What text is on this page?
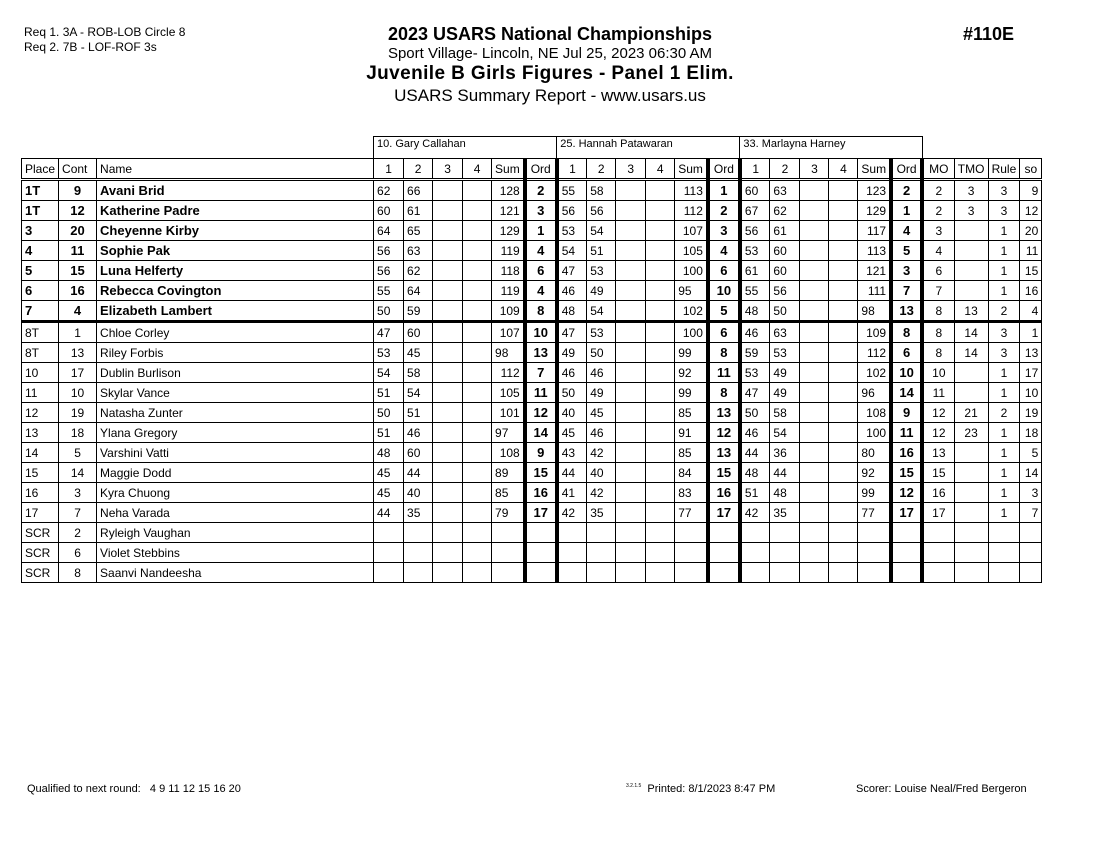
Req 1. 3A - ROB-LOB Circle 8
Req 2. 7B - LOF-ROF 3s
2023 USARS National Championships
Sport Village- Lincoln, NE Jul 25, 2023 06:30 AM
Juvenile B Girls Figures - Panel 1 Elim.
USARS Summary Report - www.usars.us
#110E
			10. Gary Callahan						25. Hannah Patawaran						33. Marlayna Harney									
Place	Cont	Name	1	2	3	4	Sum	Ord	1	2	3	4	Sum	Ord	1	2	3	4	Sum	Ord	MO	TMO	Rule	so
1T	9	Avani Brid	62	66			128	2	55	58			113	1	60	63			123	2	2	3	3	9
1T	12	Katherine Padre	60	61			121	3	56	56			112	2	67	62			129	1	2	3	3	12
3	20	Cheyenne Kirby	64	65			129	1	53	54			107	3	56	61			117	4	3		1	20
4	11	Sophie Pak	56	63			119	4	54	51			105	4	53	60			113	5	4		1	11
5	15	Luna Helferty	56	62			118	6	47	53			100	6	61	60			121	3	6		1	15
6	16	Rebecca Covington	55	64			119	4	46	49			95	10	55	56			111	7	7		1	16
7	4	Elizabeth Lambert	50	59			109	8	48	54			102	5	48	50			98	13	8	13	2	4
8T	1	Chloe Corley	47	60			107	10	47	53			100	6	46	63			109	8	8	14	3	1
8T	13	Riley Forbis	53	45			98	13	49	50			99	8	59	53			112	6	8	14	3	13
10	17	Dublin Burlison	54	58			112	7	46	46			92	11	53	49			102	10	10		1	17
11	10	Skylar Vance	51	54			105	11	50	49			99	8	47	49			96	14	11		1	10
12	19	Natasha Zunter	50	51			101	12	40	45			85	13	50	58			108	9	12	21	2	19
13	18	Ylana Gregory	51	46			97	14	45	46			91	12	46	54			100	11	12	23	1	18
14	5	Varshini Vatti	48	60			108	9	43	42			85	13	44	36			80	16	13		1	5
15	14	Maggie Dodd	45	44			89	15	44	40			84	15	48	44			92	15	15		1	14
16	3	Kyra Chuong	45	40			85	16	41	42			83	16	51	48			99	12	16		1	3
17	7	Neha Varada	44	35			79	17	42	35			77	17	42	35			77	17	17		1	7
SCR	2	Ryleigh Vaughan																						
SCR	6	Violet Stebbins																						
SCR	8	Saanvi Nandeesha																						
Qualified to next round: 4 9 11 12 15 16 20	$^{3.2.1.5}$ Printed: 8/1/2023 8:47 PM	Scorer: Louise Neal/Fred Bergeron
